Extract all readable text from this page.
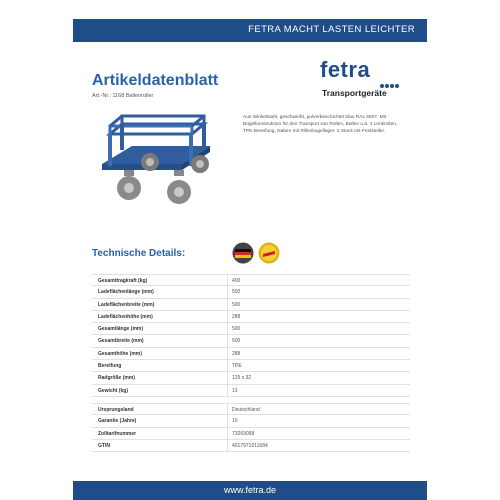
FETRA MACHT LASTEN LEICHTER
Artikeldatenblatt
Art.-Nr.: 1168 Ballenroller
fetra
Transportgeräte
Aus Winkelstahl, geschweißt, pulverbeschichtet blau RAL 5007. Mit Bügelkonstruktion für den Transport von Rollen, Ballen u.ä. 4 Lenkrollen, TPE-Bereifung, Naben mit Rillenkugellager. 2 Stück mit Feststeller.
Technische Details:
Gesamttragkraft (kg)	400
Ladeflächenlänge (mm)	500
Ladeflächenbreite (mm)	500
Ladeflächenhöhe (mm)	288
Gesamtlänge (mm)	500
Gesamtbreite (mm)	500
Gesamthöhe (mm)	288
Bereifung	TPE
Radgröße (mm)	125 x 32
Gewicht (kg)	13
Ursprungsland	Deutschland
Garantie (Jahre)	10
Zolltarifnummer	73269098
GTIN	4017971011684
www.fetra.de
